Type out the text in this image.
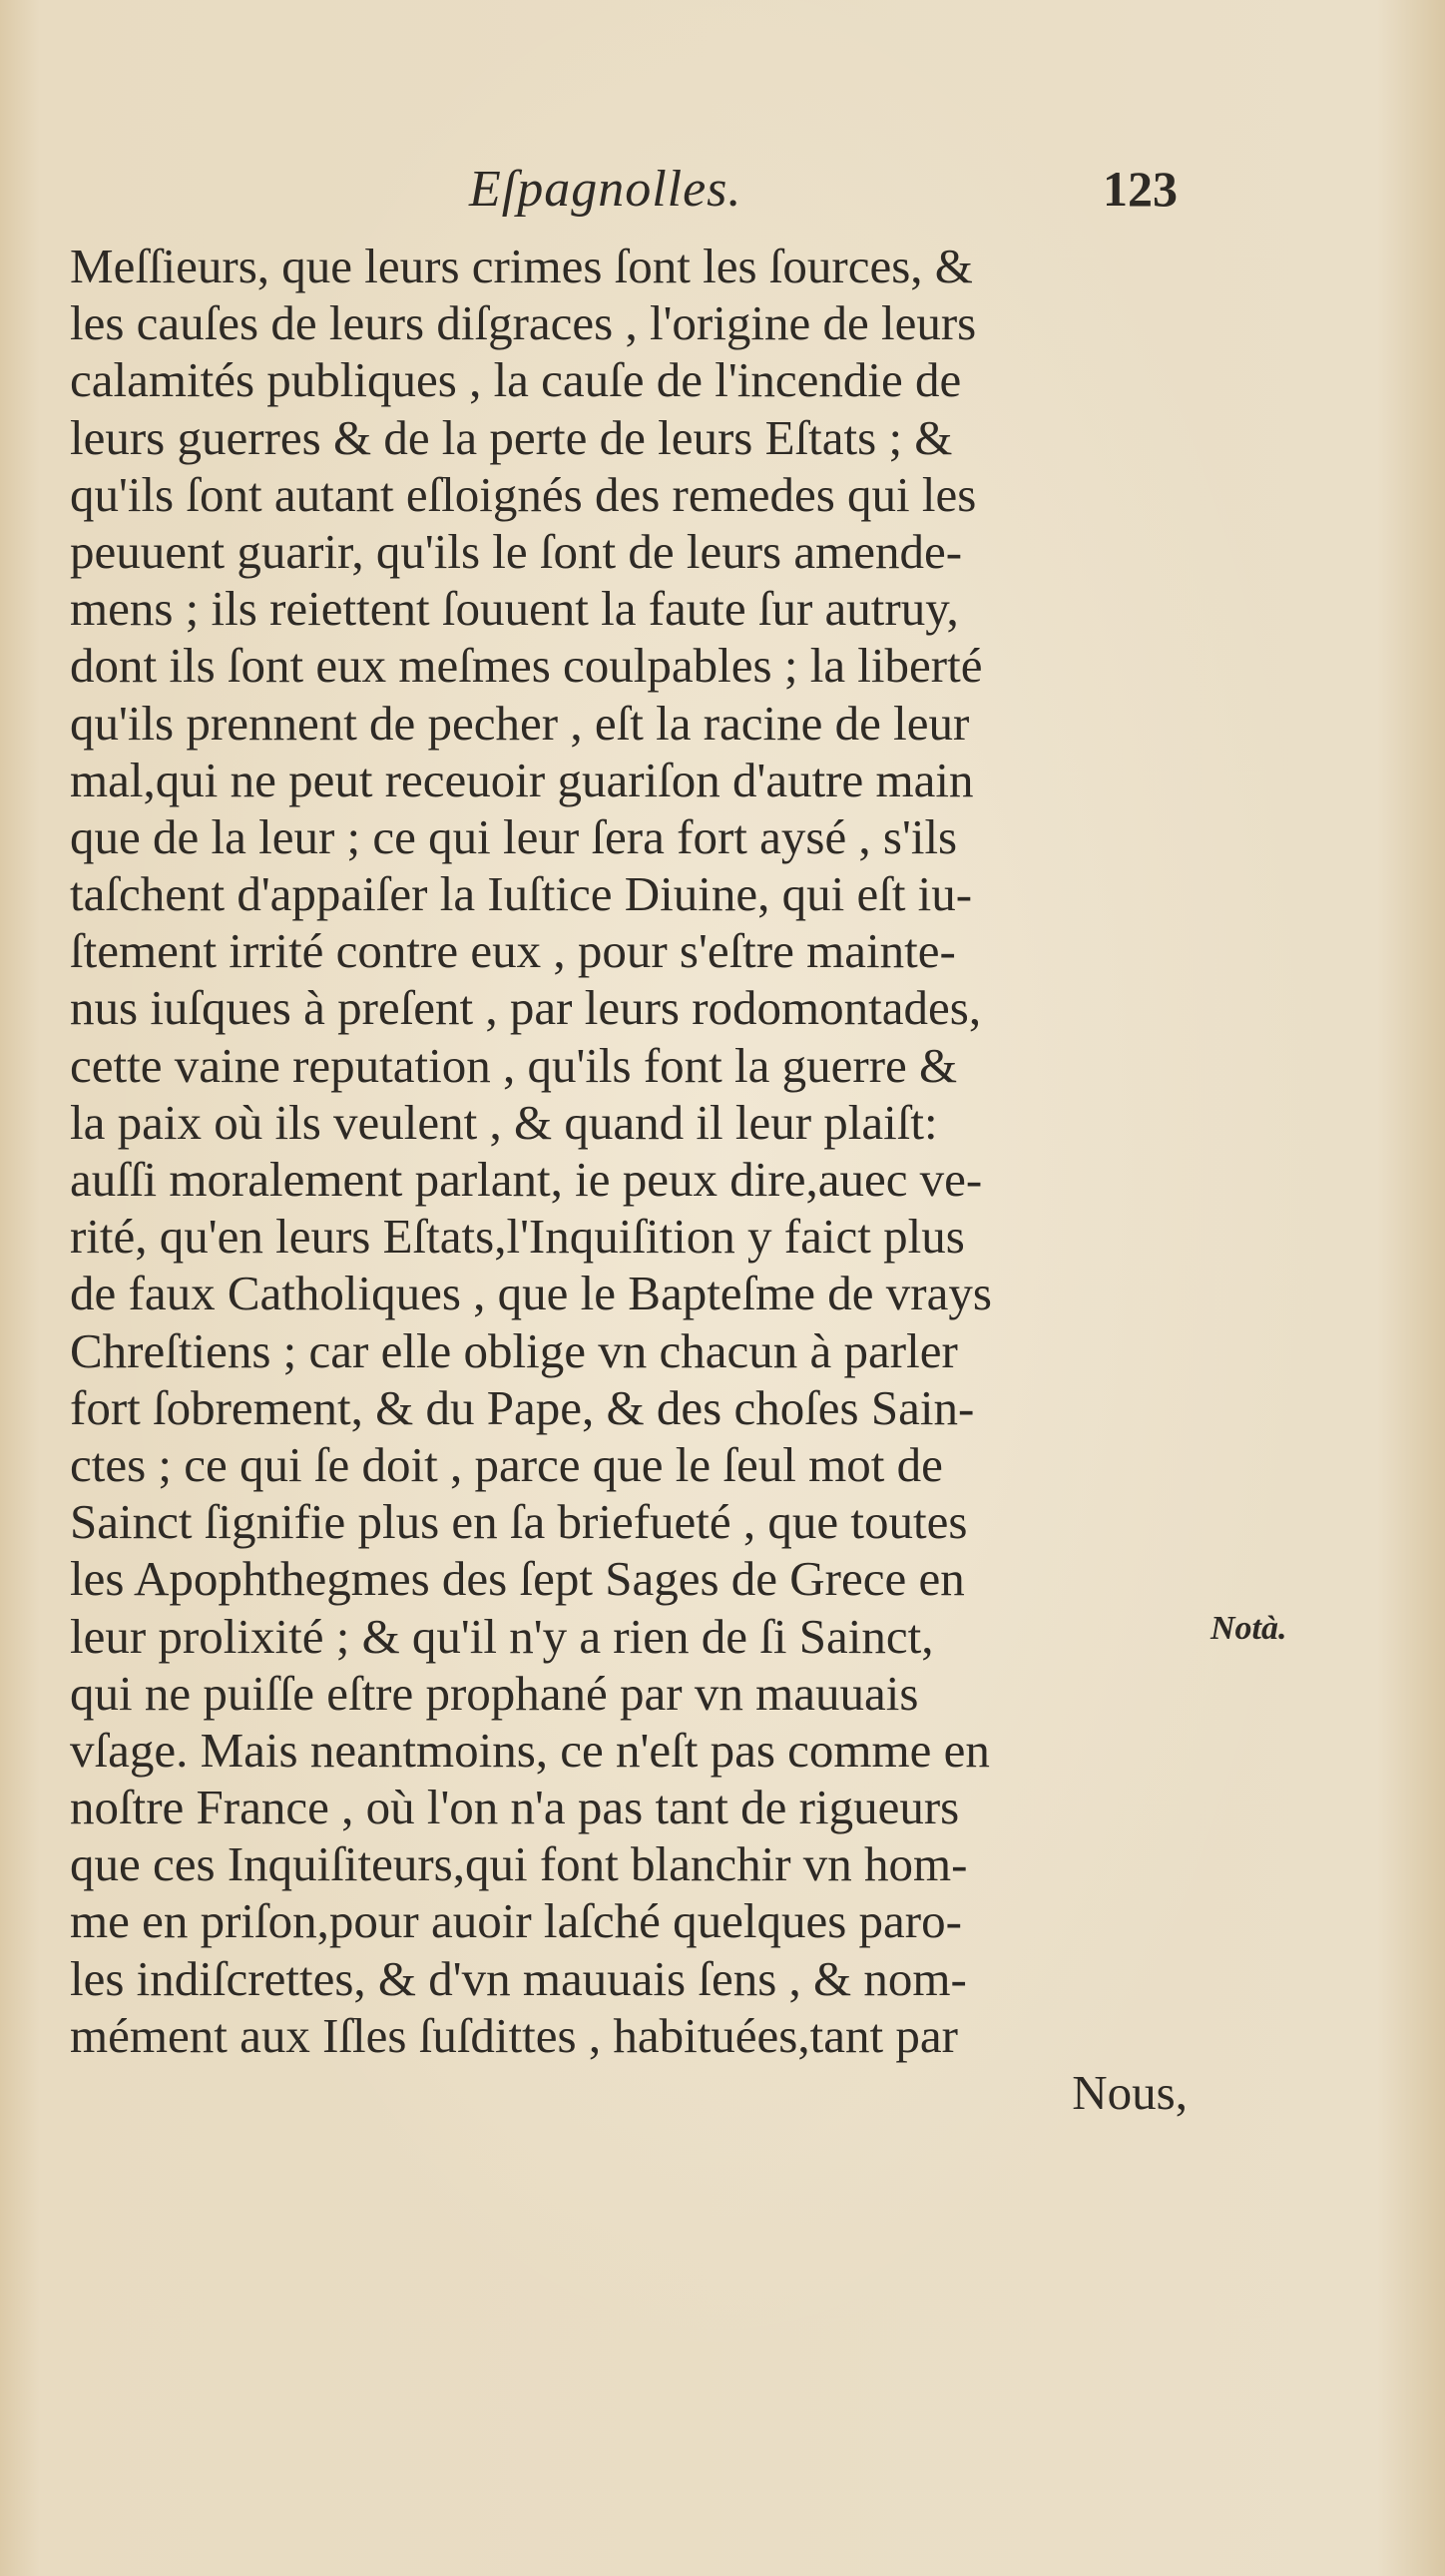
Eſpagnolles.	123
Meſſieurs, que leurs crimes ſont les ſources, &
les cauſes de leurs diſgraces , l'origine de leurs
calamités publiques , la cauſe de l'incendie de
leurs guerres & de la perte de leurs Eſtats ; &
qu'ils ſont autant eſloignés des remedes qui les
peuuent guarir, qu'ils le ſont de leurs amende-
mens ; ils reiettent ſouuent la faute ſur autruy,
dont ils ſont eux meſmes coulpables ; la liberté
qu'ils prennent de pecher , eſt la racine de leur
mal,qui ne peut receuoir guariſon d'autre main
que de la leur ; ce qui leur ſera fort aysé , s'ils
taſchent d'appaiſer la Iuſtice Diuine, qui eſt iu-
ſtement irrité contre eux , pour s'eſtre mainte-
nus iuſques à preſent , par leurs rodomontades,
cette vaine reputation , qu'ils font la guerre &
la paix où ils veulent , & quand il leur plaiſt:
auſſi moralement parlant, ie peux dire,auec ve-
rité, qu'en leurs Eſtats,l'Inquiſition y faict plus
de faux Catholiques , que le Bapteſme de vrays
Chreſtiens ; car elle oblige vn chacun à parler
fort ſobrement, & du Pape, & des choſes Sain-
ctes ; ce qui ſe doit , parce que le ſeul mot de
Sainct ſignifie plus en ſa briefueté , que toutes
les Apophthegmes des ſept Sages de Grece en
leur prolixité ; & qu'il n'y a rien de ſi Sainct,
qui ne puiſſe eſtre prophané par vn mauuais
vſage. Mais neantmoins, ce n'eſt pas comme en
noſtre France , où l'on n'a pas tant de rigueurs
que ces Inquiſiteurs,qui font blanchir vn hom-
me en priſon,pour auoir laſché quelques paro-
les indiſcrettes, & d'vn mauuais ſens , & nom-
mément aux Iſles ſuſdittes , habituées,tant par
Nous,
Notà.
